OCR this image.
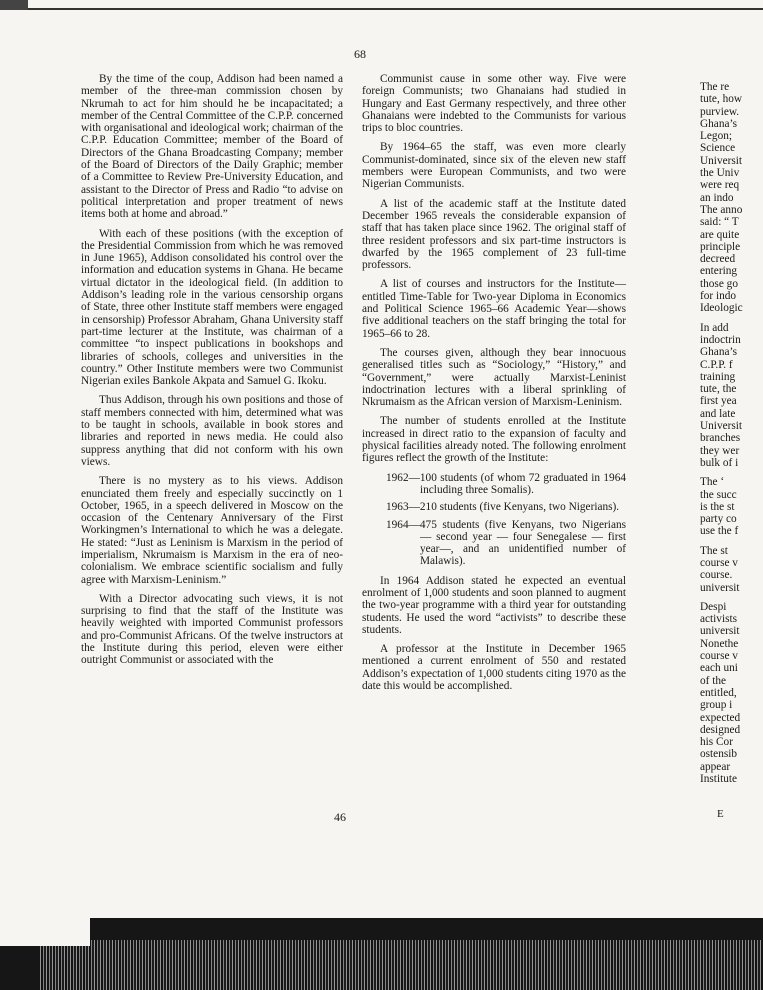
68

By the time of the coup, Addison had been named a member of the three-man commission chosen by Nkrumah to act for him should he be incapacitated; a member of the Central Committee of the C.P.P. concerned with organisational and ideological work; chairman of the C.P.P. Education Committee; member of the Board of Directors of the Ghana Broadcasting Company; member of the Board of Directors of the Daily Graphic; member of a Committee to Review Pre-University Education, and assistant to the Director of Press and Radio “to advise on political interpretation and proper treatment of news items both at home and abroad.”

With each of these positions (with the exception of the Presidential Commission from which he was removed in June 1965), Addison consolidated his control over the information and education systems in Ghana. He became virtual dictator in the ideological field. (In addition to Addison’s leading role in the various censorship organs of State, three other Institute staff members were engaged in censorship) Professor Abraham, Ghana University staff part-time lecturer at the Institute, was chairman of a committee “to inspect publications in bookshops and libraries of schools, colleges and universities in the country.” Other Institute members were two Communist Nigerian exiles Bankole Akpata and Samuel G. Ikoku.

Thus Addison, through his own positions and those of staff members connected with him, determined what was to be taught in schools, available in book stores and libraries and reported in news media. He could also suppress anything that did not conform with his own views.

There is no mystery as to his views. Addison enunciated them freely and especially succinctly on 1 October, 1965, in a speech delivered in Moscow on the occasion of the Centenary Anniversary of the First Workingmen’s International to which he was a delegate. He stated: “Just as Leninism is Marxism in the period of imperialism, Nkrumaism is Marxism in the era of neo-colonialism. We embrace scientific socialism and fully agree with Marxism-Leninism.”

With a Director advocating such views, it is not surprising to find that the staff of the Institute was heavily weighted with imported Communist professors and pro-Communist Africans. Of the twelve instructors at the Institute during this period, eleven were either outright Communist or associated with the

Communist cause in some other way. Five were foreign Communists; two Ghanaians had studied in Hungary and East Germany respectively, and three other Ghanaians were indebted to the Communists for various trips to bloc countries.

By 1964–65 the staff, was even more clearly Communist-dominated, since six of the eleven new staff members were European Communists, and two were Nigerian Communists.

A list of the academic staff at the Institute dated December 1965 reveals the considerable expansion of staff that has taken place since 1962. The original staff of three resident professors and six part-time instructors is dwarfed by the 1965 complement of 23 full-time professors.

A list of courses and instructors for the Institute—entitled Time-Table for Two-year Diploma in Economics and Political Science 1965–66 Academic Year—shows five additional teachers on the staff bringing the total for 1965–66 to 28.

The courses given, although they bear innocuous generalised titles such as “Sociology,” “History,” and “Government,” were actually Marxist-Leninist indoctrination lectures with a liberal sprinkling of Nkrumaism as the African version of Marxism-Leninism.

The number of students enrolled at the Institute increased in direct ratio to the expansion of faculty and physical facilities already noted. The following enrolment figures reflect the growth of the Institute:

1962—100 students (of whom 72 graduated in 1964 including three Somalis).
1963—210 students (five Kenyans, two Nigerians).
1964—475 students (five Kenyans, two Nigerians — second year — four Senegalese — first year—, and an unidentified number of Malawis).

In 1964 Addison stated he expected an eventual enrolment of 1,000 students and soon planned to augment the two-year programme with a third year for outstanding students. He used the word “activists” to describe these students.

A professor at the Institute in December 1965 mentioned a current enrolment of 550 and restated Addison’s expectation of 1,000 students citing 1970 as the date this would be accomplished.

The re
tute, how
purview.
Ghana’s
Legon;
Science
Universit
the Univ
were req
an indo
The anno
said: “ T
are quite
principle
decreed
entering
those go
for indo
Ideologic
In add
indoctrin
Ghana’s
C.P.P. f
training
tute, the
first yea
and late
Universit
branches
they wer
bulk of i
The ‘
the succ
is the st
party co
use the f
The st
course v
course.
universit
Despi
activists
universit
Nonethe
course v
each uni
of the
entitled,
group i
expected
designed
his Cor
ostensib
appear
Institute
46	E
